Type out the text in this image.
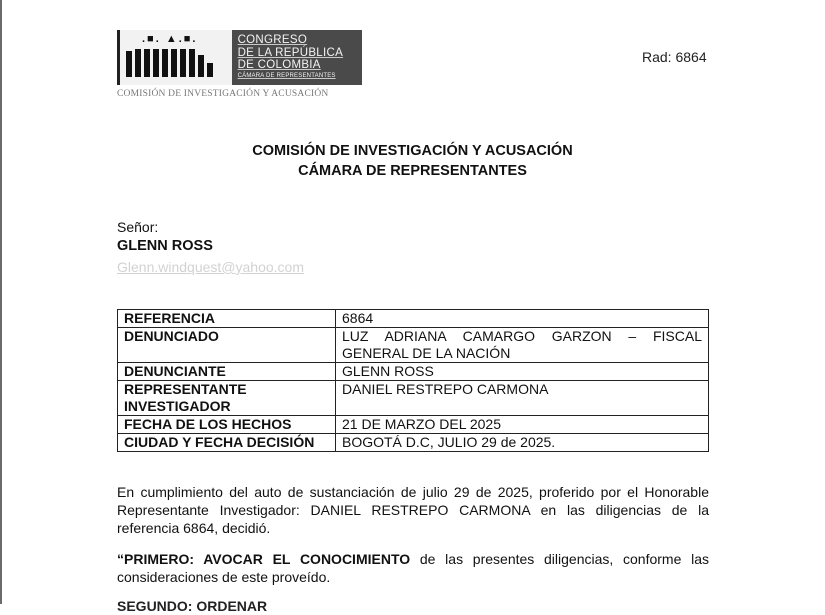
.■. ▲.■.	CONGRESO
DE LA REPÚBLICA
DE COLOMBIA
CÁMARA DE REPRESENTANTES
COMISIÓN DE INVESTIGACIÓN Y ACUSACIÓN
Rad: 6864
COMISIÓN DE INVESTIGACIÓN Y ACUSACIÓN
CÁMARA DE REPRESENTANTES
Señor:
GLENN ROSS
Glenn.windquest@yahoo.com
REFERENCIA	6864
DENUNCIADO	LUZ ADRIANA CAMARGO GARZON – FISCAL GENERAL DE LA NACIÓN
DENUNCIANTE	GLENN ROSS
REPRESENTANTE INVESTIGADOR	DANIEL RESTREPO CARMONA
FECHA DE LOS HECHOS	21 DE MARZO DEL 2025
CIUDAD Y FECHA DECISIÓN	BOGOTÁ D.C, JULIO 29 de 2025.
En cumplimiento del auto de sustanciación de julio 29 de 2025, proferido por el Honorable Representante Investigador: DANIEL RESTREPO CARMONA en las diligencias de la referencia 6864, decidió.
“PRIMERO: AVOCAR EL CONOCIMIENTO de las presentes diligencias, conforme las consideraciones de este proveído.
SEGUNDO: ORDENAR
